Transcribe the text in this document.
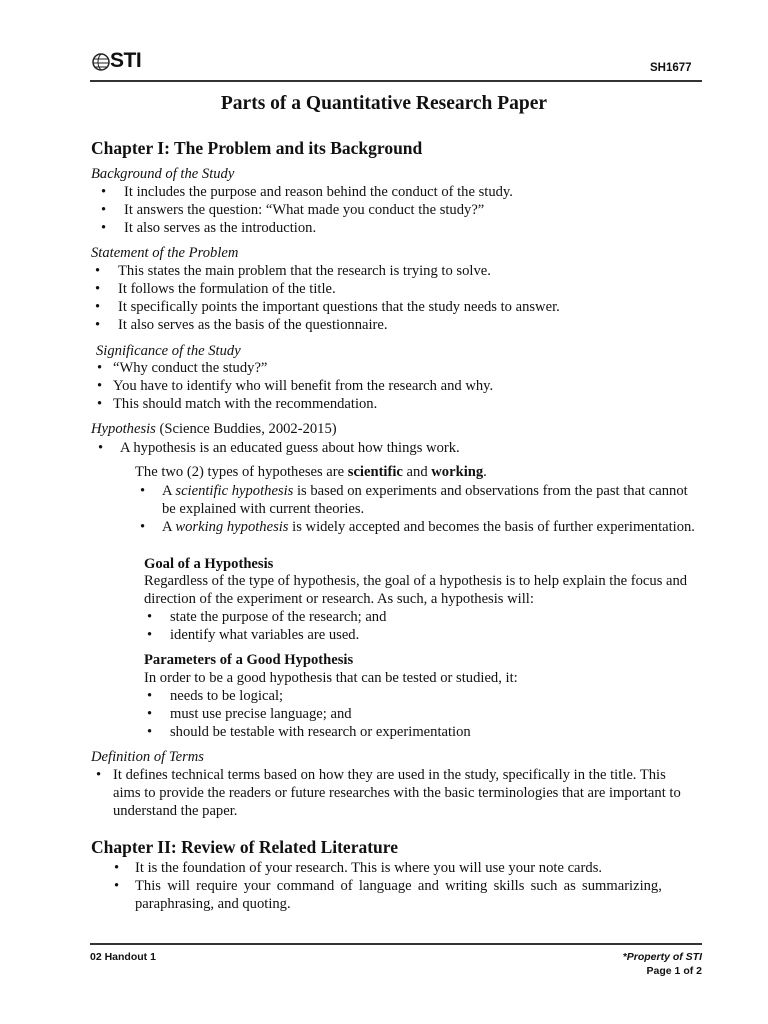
STI	SH1677
Parts of a Quantitative Research Paper
Chapter I: The Problem and its Background
Background of the Study
• It includes the purpose and reason behind the conduct of the study.
• It answers the question: “What made you conduct the study?”
• It also serves as the introduction.
Statement of the Problem
• This states the main problem that the research is trying to solve.
• It follows the formulation of the title.
• It specifically points the important questions that the study needs to answer.
• It also serves as the basis of the questionnaire.
Significance of the Study
• “Why conduct the study?”
• You have to identify who will benefit from the research and why.
• This should match with the recommendation.
Hypothesis (Science Buddies, 2002-2015)
• A hypothesis is an educated guess about how things work.
The two (2) types of hypotheses are scientific and working.
• A scientific hypothesis is based on experiments and observations from the past that cannot
be explained with current theories.
• A working hypothesis is widely accepted and becomes the basis of further experimentation.
Goal of a Hypothesis
Regardless of the type of hypothesis, the goal of a hypothesis is to help explain the focus and
direction of the experiment or research. As such, a hypothesis will:
• state the purpose of the research; and
• identify what variables are used.
Parameters of a Good Hypothesis
In order to be a good hypothesis that can be tested or studied, it:
• needs to be logical;
• must use precise language; and
• should be testable with research or experimentation
Definition of Terms
• It defines technical terms based on how they are used in the study, specifically in the title. This
aims to provide the readers or future researches with the basic terminologies that are important to
understand the paper.
Chapter II: Review of Related Literature
• It is the foundation of your research. This is where you will use your note cards.
• This will require your command of language and writing skills such as summarizing,
paraphrasing, and quoting.
02 Handout 1	*Property of STI
Page 1 of 2
